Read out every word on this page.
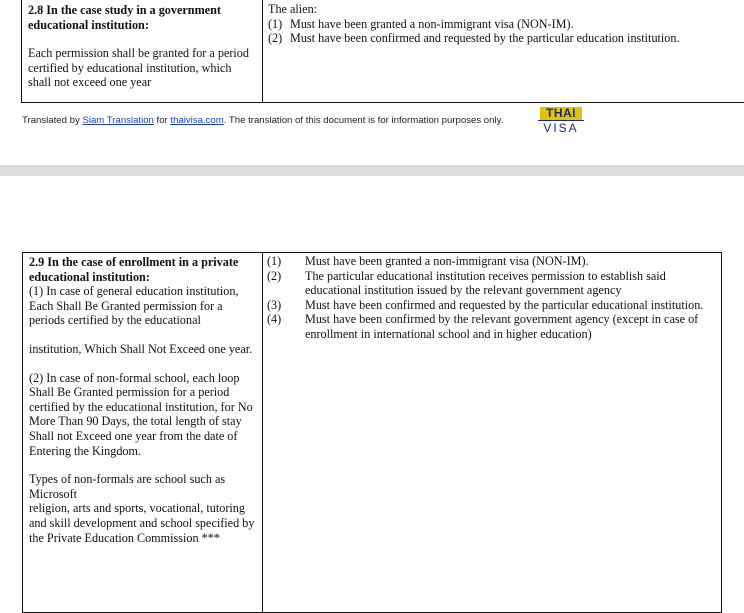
2.8 In the case study in a government educational institution:
Each permission shall be granted for a period certified by educational institution, which shall not exceed one year

The alien:
(1) Must have been granted a non-immigrant visa (NON-IM).
(2) Must have been confirmed and requested by the particular education institution.
Translated by Siam Translation for thaivisa.com. The translation of this document is for information purposes only.
THAI
VISA
2.9 In the case of enrollment in a private educational institution:
(1) In case of general education institution, Each Shall Be Granted permission for a periods certified by the educational
institution, Which Shall Not Exceed one year.
(2) In case of non-formal school, each loop Shall Be Granted permission for a period certified by the educational institution, for No More Than 90 Days, the total length of stay
Shall not Exceed one year from the date of Entering the Kingdom.
Types of non-formals are school such as Microsoft
religion, arts and sports, vocational, tutoring and skill development and school specified by the Private Education Commission ***

(1)	Must have been granted a non-immigrant visa (NON-IM).
(2)	The particular educational institution receives permission to establish said educational institution issued by the relevant government agency
(3)	Must have been confirmed and requested by the particular educational institution.
(4)	Must have been confirmed by the relevant government agency (except in case of enrollment in international school and in higher education)
